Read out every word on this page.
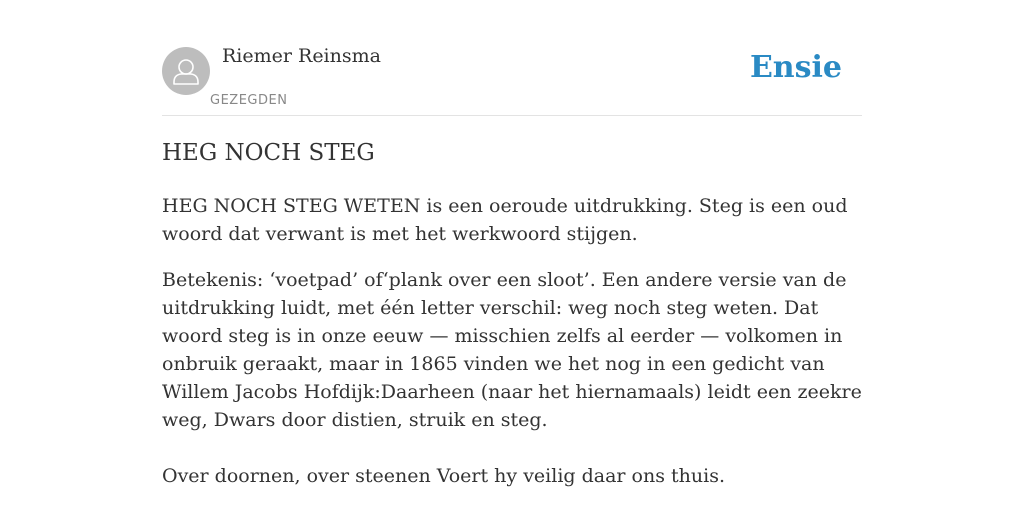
Riemer Reinsma
GEZEGDEN
Ensie
HEG NOCH STEG

HEG NOCH STEG WETEN is een oeroude uitdrukking. Steg is een oud woord dat verwant is met het werkwoord stijgen.

Betekenis: ‘voetpad’ of‘plank over een sloot’. Een andere versie van de uitdrukking luidt, met één letter verschil: weg noch steg weten. Dat woord steg is in onze eeuw — misschien zelfs al eerder — volkomen in onbruik geraakt, maar in 1865 vinden we het nog in een gedicht van Willem Jacobs Hofdijk:Daarheen (naar het hiernamaals) leidt een zeekre weg, Dwars door distien, struik en steg.

Over doornen, over steenen Voert hy veilig daar ons thuis.
